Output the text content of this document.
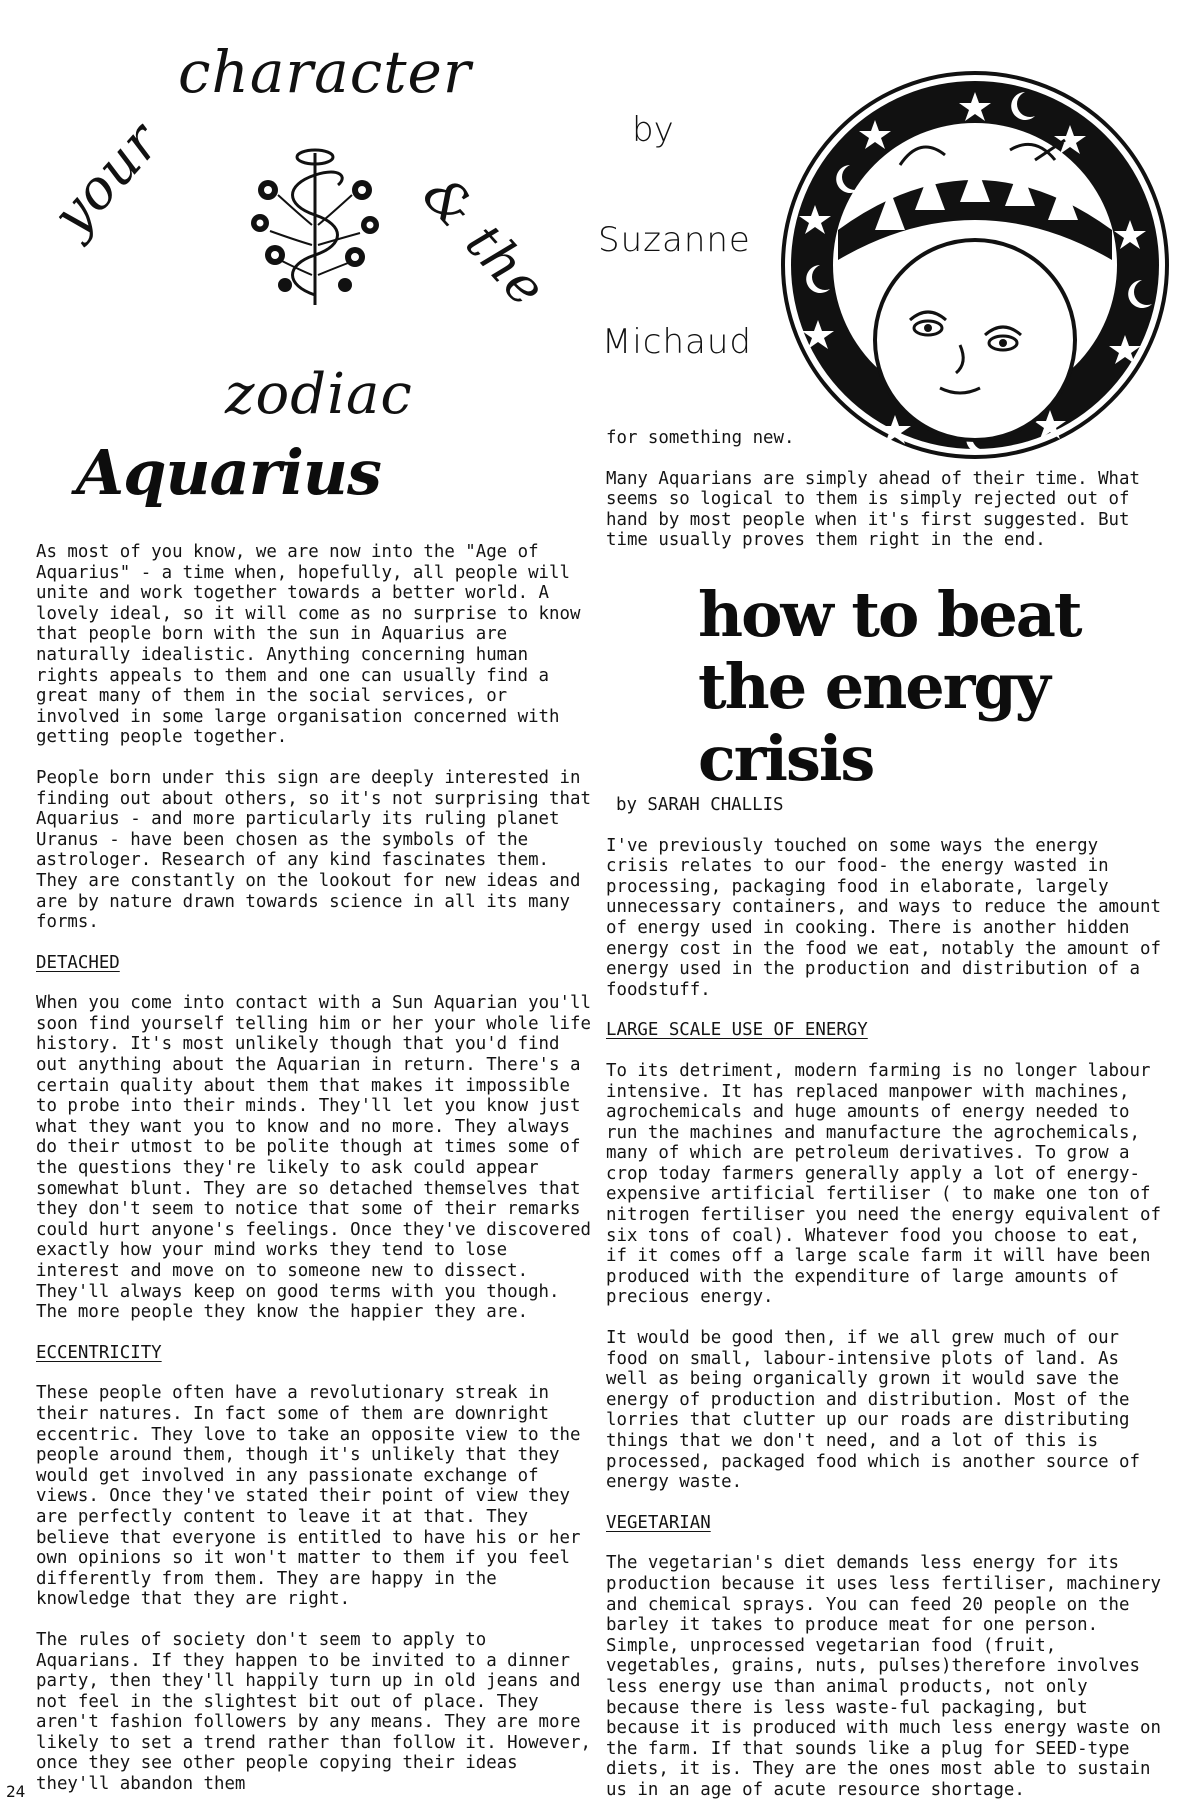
character
your	& the
zodiac
by
Suzanne
Michaud
Aquarius

As most of you know, we are now into the "Age of Aquarius" - a time when, hopefully, all people will unite and work together towards a better world. A lovely ideal, so it will come as no surprise to know that people born with the sun in Aquarius are naturally idealistic. Anything concerning human rights appeals to them and one can usually find a great many of them in the social services, or involved in some large organisation concerned with getting people together.

People born under this sign are deeply interested in finding out about others, so it's not surprising that Aquarius - and more particularly its ruling planet Uranus - have been chosen as the symbols of the astrologer. Research of any kind fascinates them. They are constantly on the lookout for new ideas and are by nature drawn towards science in all its many forms.

DETACHED

When you come into contact with a Sun Aquarian you'll soon find yourself telling him or her your whole life history. It's most unlikely though that you'd find out anything about the Aquarian in return. There's a certain quality about them that makes it impossible to probe into their minds. They'll let you know just what they want you to know and no more. They always do their utmost to be polite though at times some of the questions they're likely to ask could appear somewhat blunt. They are so detached themselves that they don't seem to notice that some of their remarks could hurt anyone's feelings. Once they've discovered exactly how your mind works they tend to lose interest and move on to someone new to dissect. They'll always keep on good terms with you though. The more people they know the happier they are.

ECCENTRICITY

These people often have a revolutionary streak in their natures. In fact some of them are downright eccentric. They love to take an opposite view to the people around them, though it's unlikely that they would get involved in any passionate exchange of views. Once they've stated their point of view they are perfectly content to leave it at that. They believe that everyone is entitled to have his or her own opinions so it won't matter to them if you feel differently from them. They are happy in the knowledge that they are right.

The rules of society don't seem to apply to Aquarians. If they happen to be invited to a dinner party, then they'll happily turn up in old jeans and not feel in the slightest bit out of place. They aren't fashion followers by any means. They are more likely to set a trend rather than follow it. However, once they see other people copying their ideas they'll abandon them

for something new.

Many Aquarians are simply ahead of their time. What seems so logical to them is simply rejected out of hand by most people when it's first suggested. But time usually proves them right in the end.

how to beat
the energy
crisis
by SARAH CHALLIS

I've previously touched on some ways the energy crisis relates to our food- the energy wasted in processing, packaging food in elaborate, largely unnecessary containers, and ways to reduce the amount of energy used in cooking. There is another hidden energy cost in the food we eat, notably the amount of energy used in the production and distribution of a foodstuff.

LARGE SCALE USE OF ENERGY

To its detriment, modern farming is no longer labour intensive. It has replaced manpower with machines, agrochemicals and huge amounts of energy needed to run the machines and manufacture the agrochemicals, many of which are petroleum derivatives. To grow a crop today farmers generally apply a lot of energy-expensive artificial fertiliser ( to make one ton of nitrogen fertiliser you need the energy equivalent of six tons of coal). Whatever food you choose to eat, if it comes off a large scale farm it will have been produced with the expenditure of large amounts of precious energy.

It would be good then, if we all grew much of our food on small, labour-intensive plots of land. As well as being organically grown it would save the energy of production and distribution. Most of the lorries that clutter up our roads are distributing things that we don't need, and a lot of this is processed, packaged food which is another source of energy waste.

VEGETARIAN

The vegetarian's diet demands less energy for its production because it uses less fertiliser, machinery and chemical sprays. You can feed 20 people on the barley it takes to produce meat for one person. Simple, unprocessed vegetarian food (fruit, vegetables, grains, nuts, pulses)therefore involves less energy use than animal products, not only because there is less waste-ful packaging, but because it is produced with much less energy waste on the farm. If that sounds like a plug for SEED-type diets, it is. They are the ones most able to sustain us in an age of acute resource shortage.

24
